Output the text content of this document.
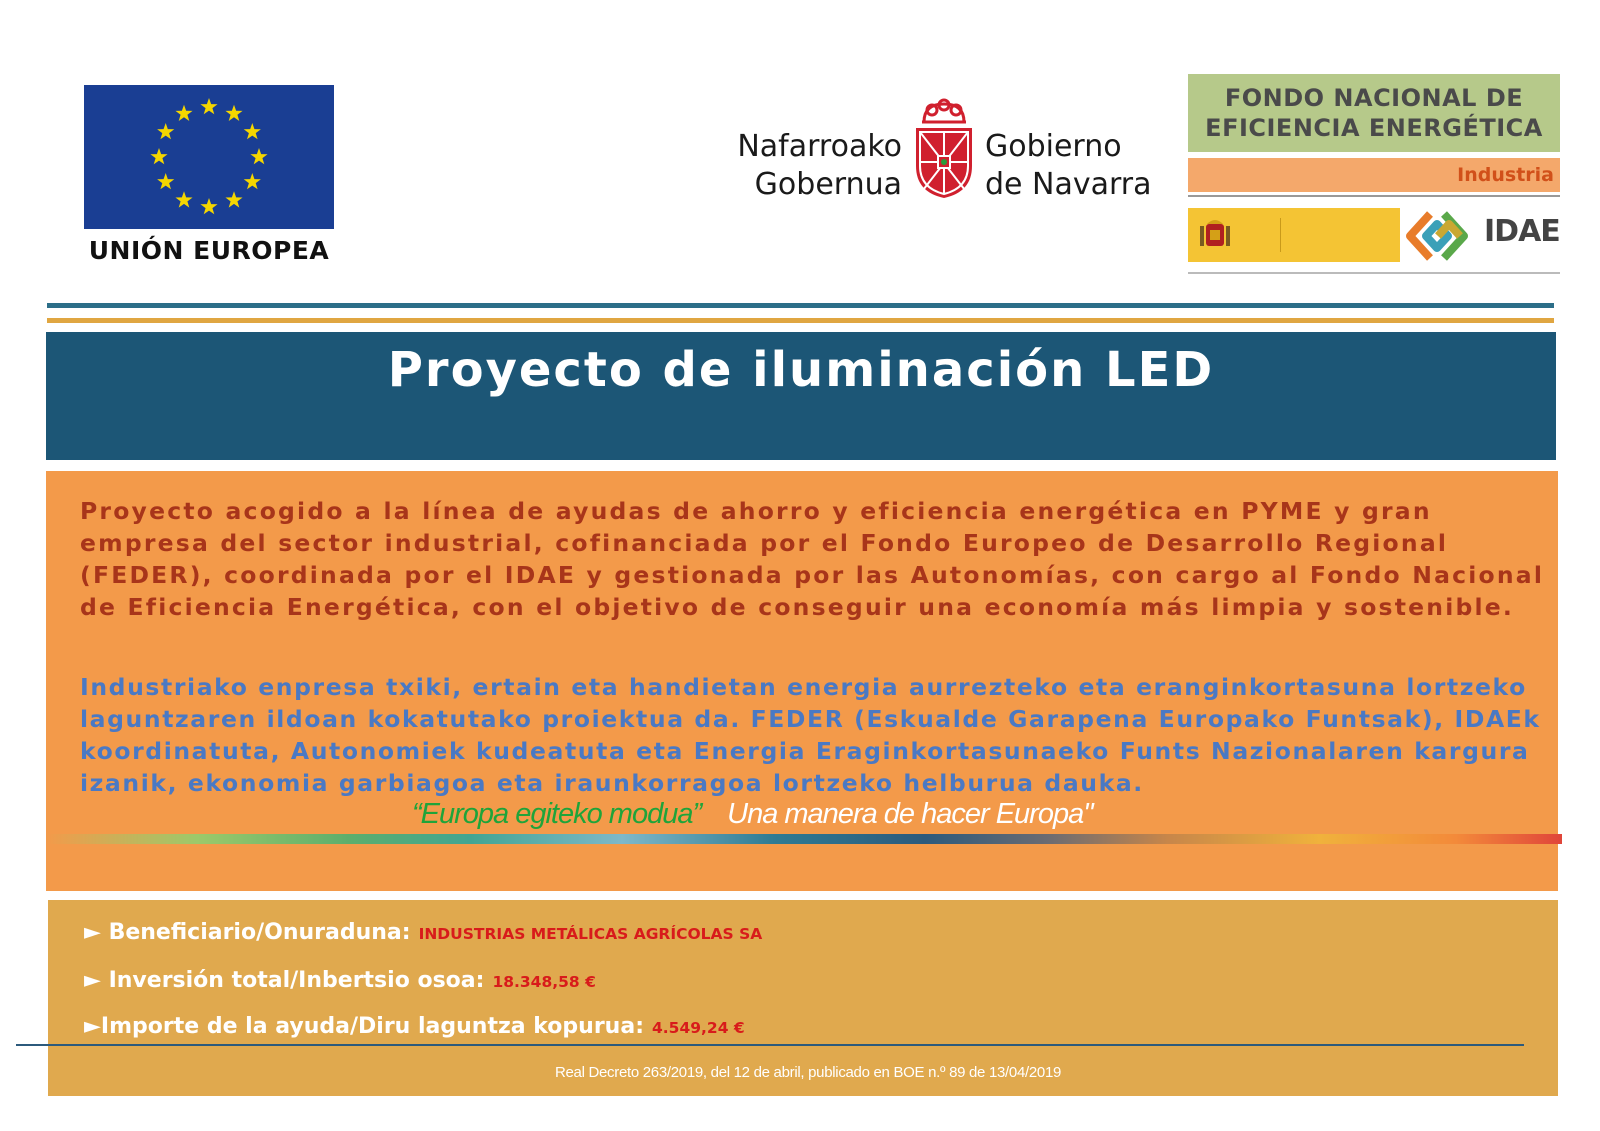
UNIÓN EUROPEA
Nafarroako
Gobernua
Gobierno
de Navarra
FONDO NACIONAL DE
EFICIENCIA ENERGÉTICA
Industria
IDAE
Proyecto de iluminación LED

Proyecto acogido a la línea de ayudas de ahorro y eficiencia energética en PYME y gran empresa del sector industrial, cofinanciada por el Fondo Europeo de Desarrollo Regional (FEDER), coordinada por el IDAE y gestionada por las Autonomías, con cargo al Fondo Nacional de Eficiencia Energética, con el objetivo de conseguir una economía más limpia y sostenible.

Industriako enpresa txiki, ertain eta handietan energia aurrezteko eta eranginkortasuna lortzeko laguntzaren ildoan kokatutako proiektua da. FEDER (Eskualde Garapena Europako Funtsak), IDAEk koordinatuta, Autonomiek kudeatuta eta Energia Eraginkortasunaeko Funts Nazionalaren kargura izanik, ekonomia garbiagoa eta iraunkorragoa lortzeko helburua dauka.

“Europa egiteko modua” Una manera de hacer Europa"
► Beneficiario/Onuraduna: INDUSTRIAS METÁLICAS AGRÍCOLAS SA
► Inversión total/Inbertsio osoa: 18.348,58 €
►Importe de la ayuda/Diru laguntza kopurua: 4.549,24 €
Real Decreto 263/2019, del 12 de abril, publicado en BOE n.º 89 de 13/04/2019
